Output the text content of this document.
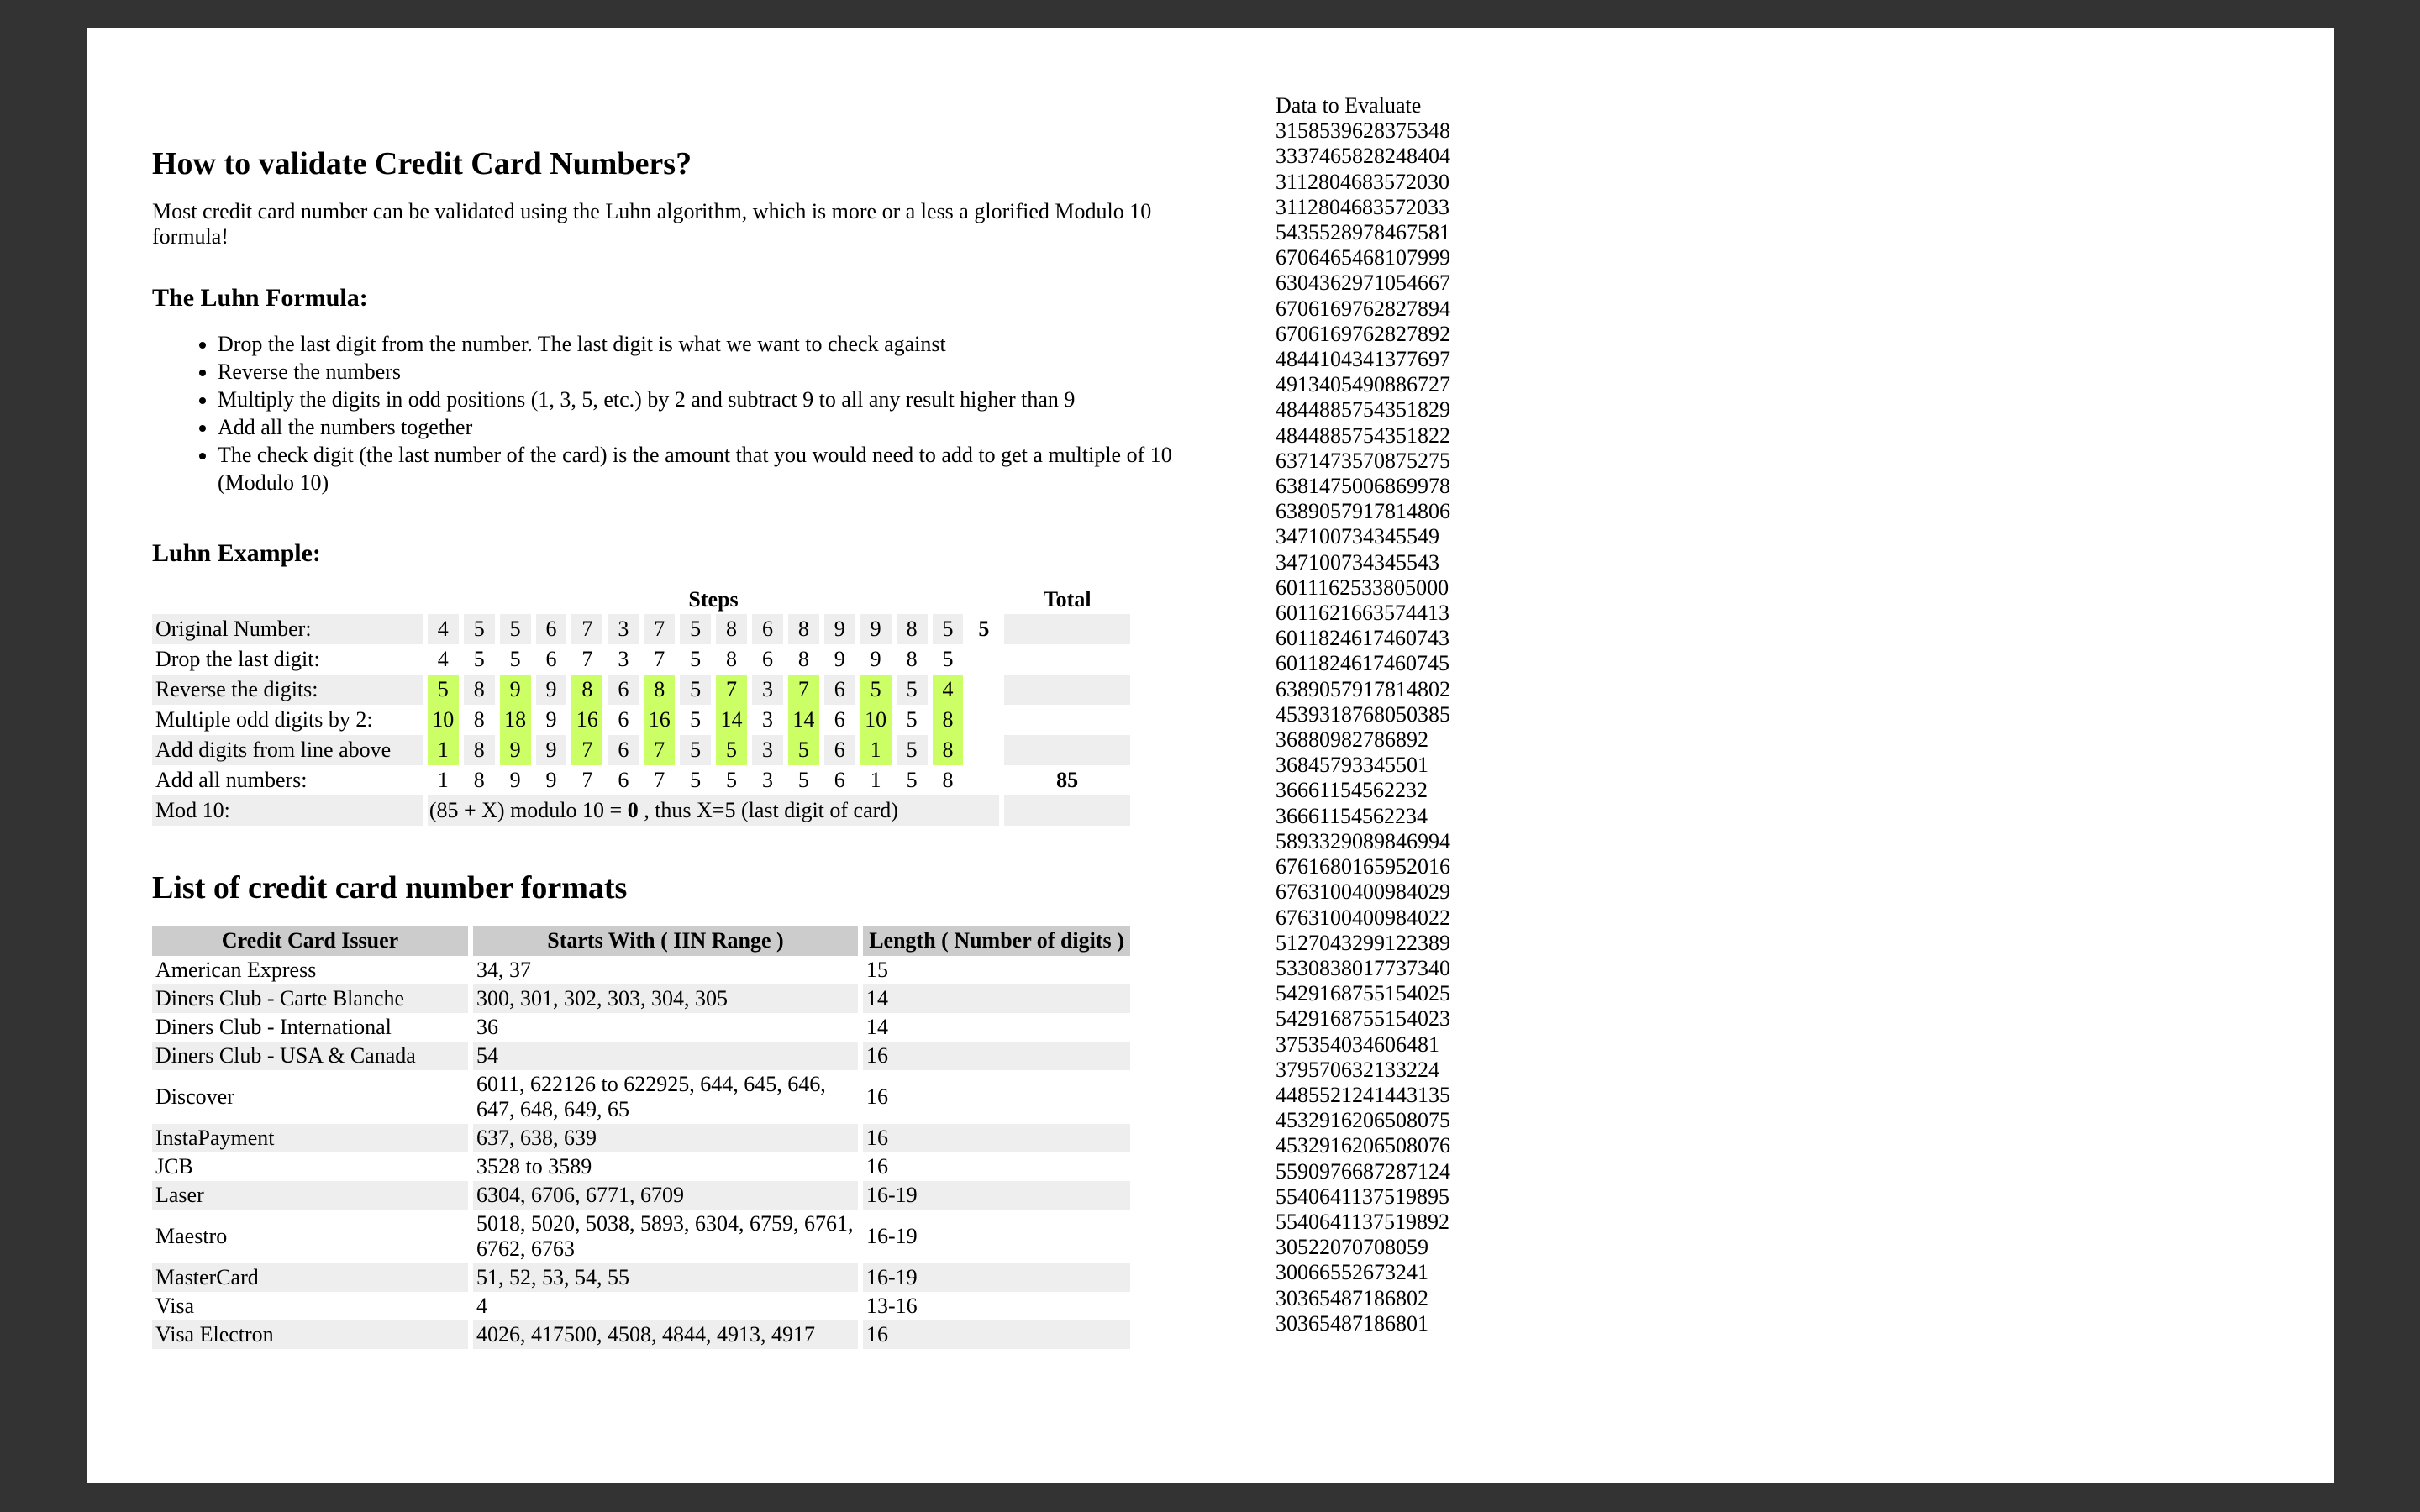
How to validate Credit Card Numbers?

Most credit card number can be validated using the Luhn algorithm, which is more or a less a glorified Modulo 10 formula!

The Luhn Formula:
• Drop the last digit from the number. The last digit is what we want to check against
• Reverse the numbers
• Multiply the digits in odd positions (1, 3, 5, etc.) by 2 and subtract 9 to all any result higher than 9
• Add all the numbers together
• The check digit (the last number of the card) is the amount that you would need to add to get a multiple of 10 (Modulo 10)
Luhn Example:
	Steps																Total
Original Number:	4	5	5	6	7	3	7	5	8	6	8	9	9	8	5	5	
Drop the last digit:	4	5	5	6	7	3	7	5	8	6	8	9	9	8	5		
Reverse the digits:	5	8	9	9	8	6	8	5	7	3	7	6	5	5	4		
Multiple odd digits by 2:	10	8	18	9	16	6	16	5	14	3	14	6	10	5	8		
Add digits from line above	1	8	9	9	7	6	7	5	5	3	5	6	1	5	8		
Add all numbers:	1	8	9	9	7	6	7	5	5	3	5	6	1	5	8		85
Mod 10:	(85 + X) modulo 10 = 0 , thus X=5 (last digit of card)																
List of credit card number formats
Credit Card Issuer	Starts With ( IIN Range )	Length ( Number of digits )
American Express	34, 37	15
Diners Club - Carte Blanche	300, 301, 302, 303, 304, 305	14
Diners Club - International	36	14
Diners Club - USA & Canada	54	16
Discover	6011, 622126 to 622925, 644, 645, 646, 647, 648, 649, 65	16
InstaPayment	637, 638, 639	16
JCB	3528 to 3589	16
Laser	6304, 6706, 6771, 6709	16-19
Maestro	5018, 5020, 5038, 5893, 6304, 6759, 6761, 6762, 6763	16-19
MasterCard	51, 52, 53, 54, 55	16-19
Visa	4	13-16
Visa Electron	4026, 417500, 4508, 4844, 4913, 4917	16
Data to Evaluate
3158539628375348
3337465828248404
3112804683572030
3112804683572033
5435528978467581
6706465468107999
6304362971054667
6706169762827894
6706169762827892
4844104341377697
4913405490886727
4844885754351829
4844885754351822
6371473570875275
6381475006869978
6389057917814806
347100734345549
347100734345543
6011162533805000
6011621663574413
6011824617460743
6011824617460745
6389057917814802
4539318768050385
36880982786892
36845793345501
36661154562232
36661154562234
5893329089846994
6761680165952016
6763100400984029
6763100400984022
5127043299122389
5330838017737340
5429168755154025
5429168755154023
375354034606481
379570632133224
4485521241443135
4532916206508075
4532916206508076
5590976687287124
5540641137519895
5540641137519892
30522070708059
30066552673241
30365487186802
30365487186801
